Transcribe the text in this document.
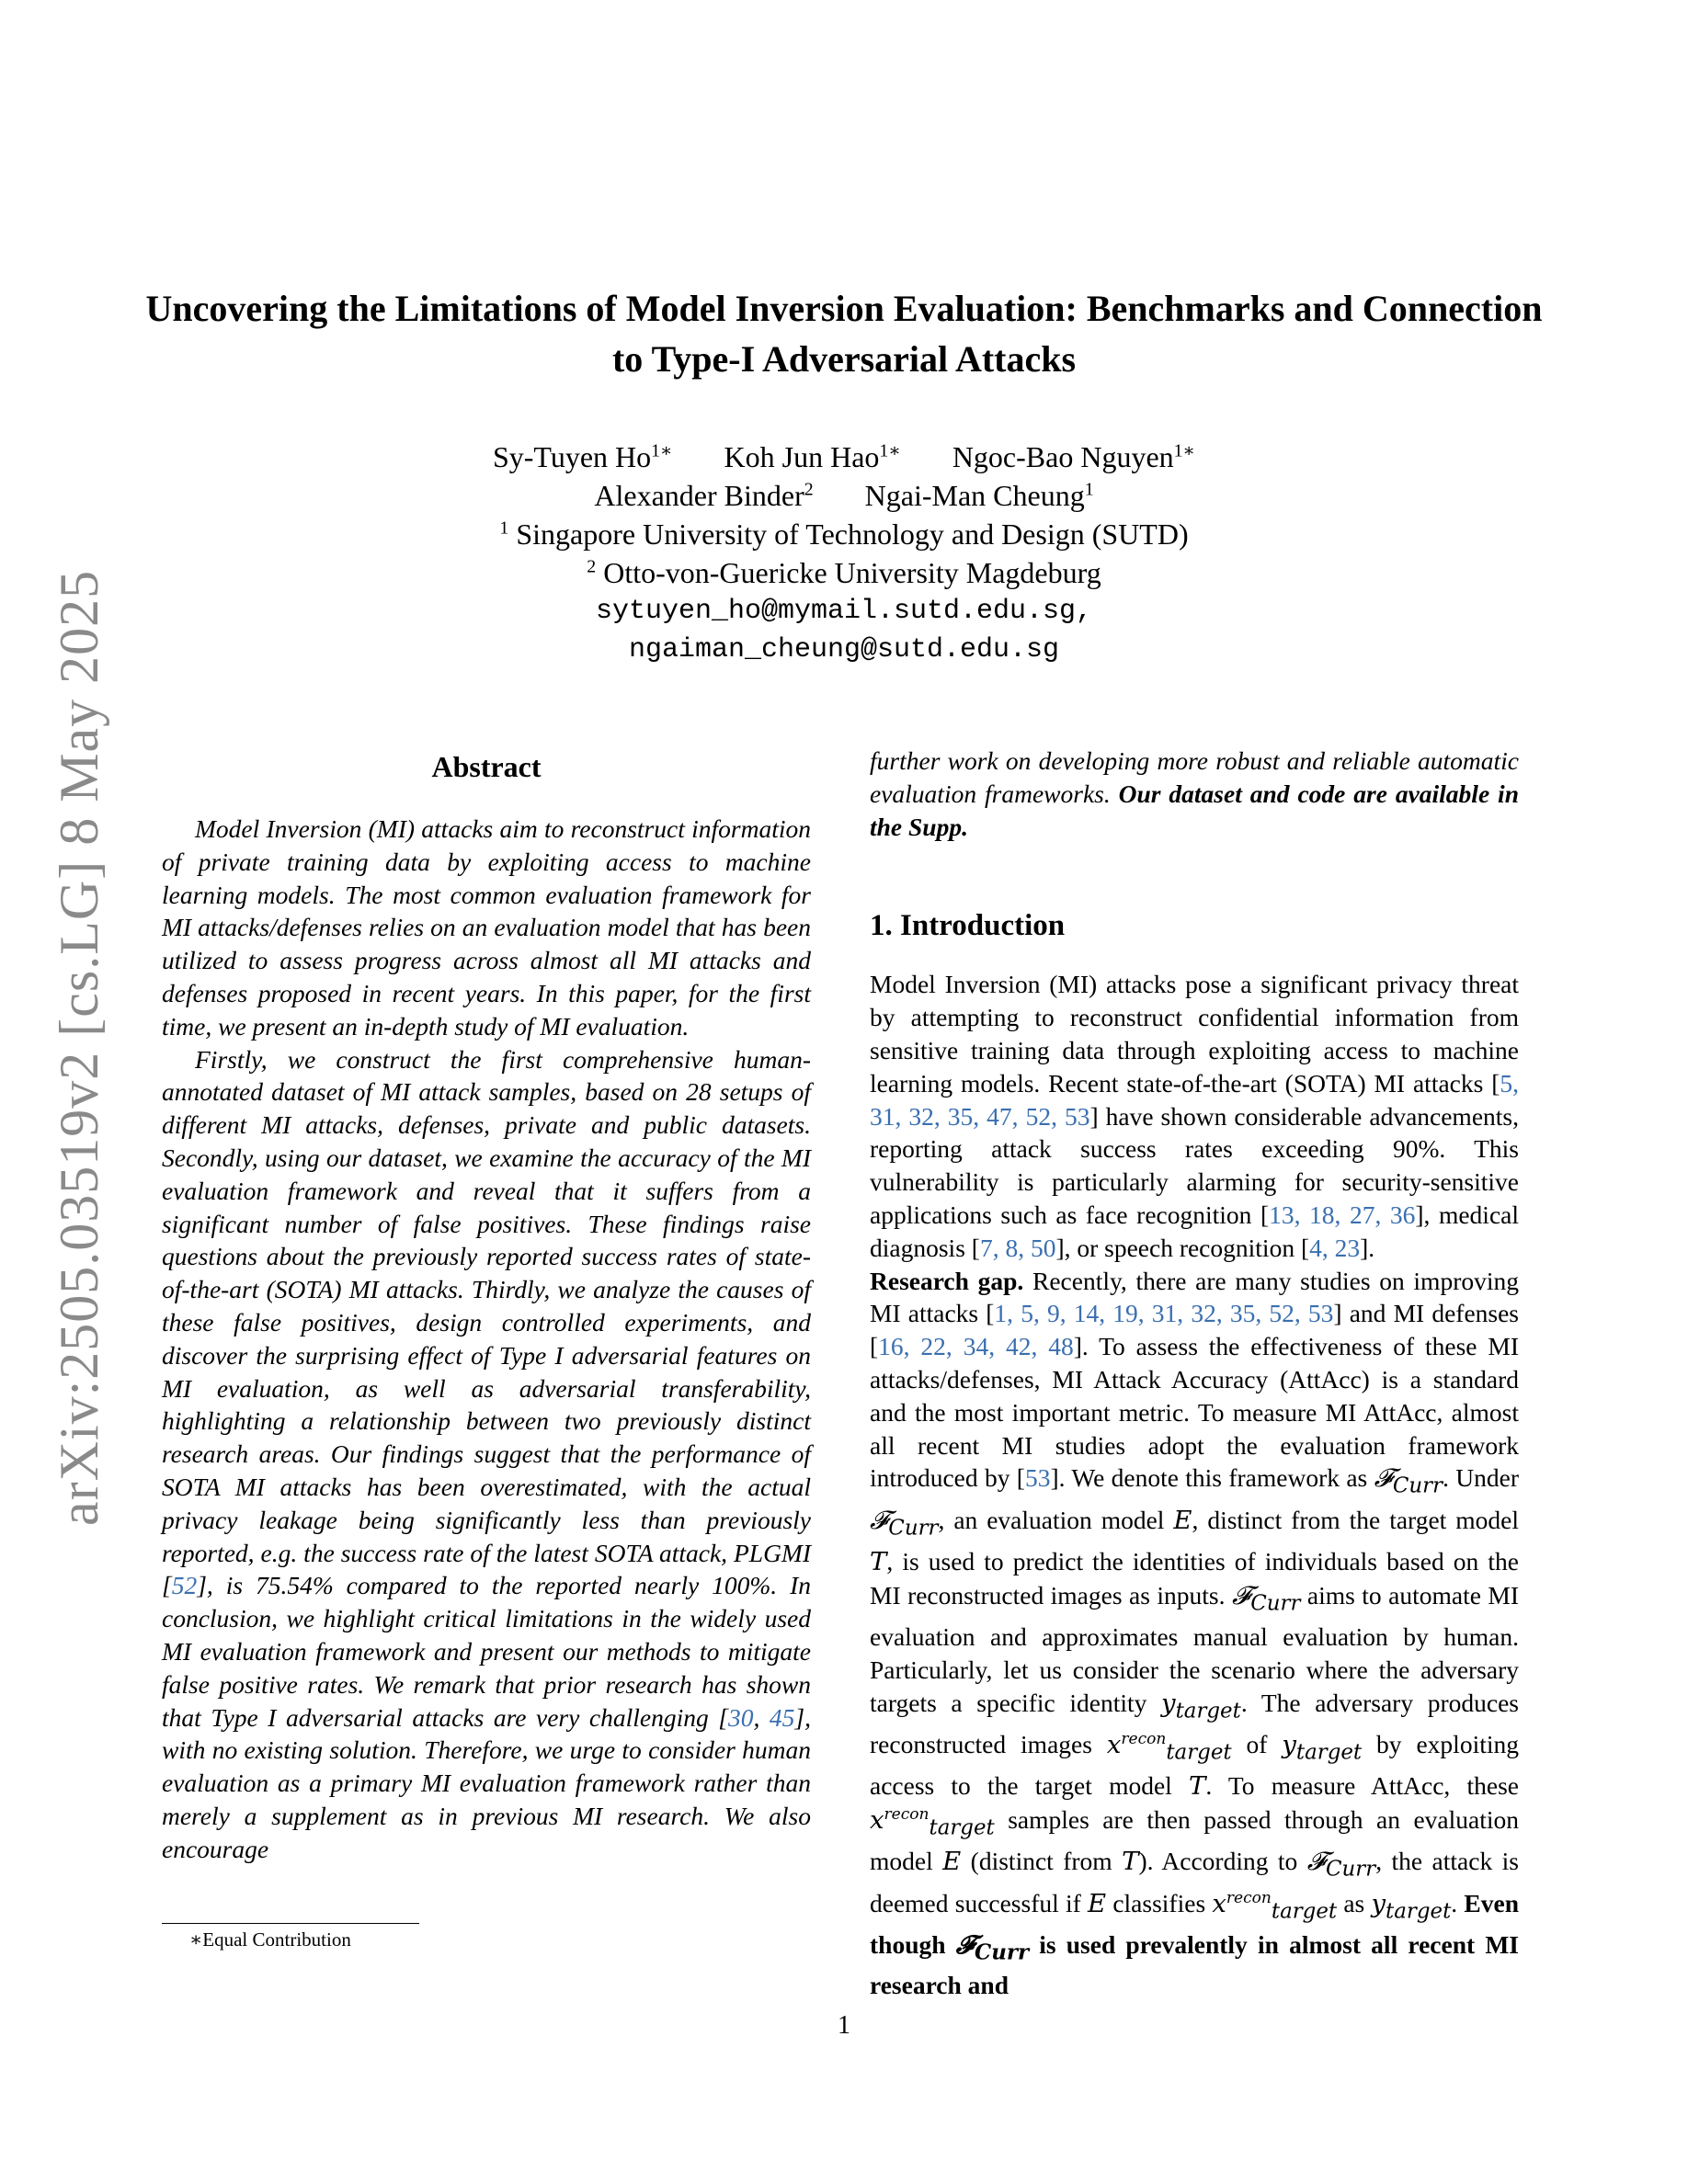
arXiv:2505.03519v2 [cs.LG] 8 May 2025
Uncovering the Limitations of Model Inversion Evaluation: Benchmarks and Connection to Type-I Adversarial Attacks
Sy-Tuyen $Ho^{1∗}$ Koh Jun Hao$^{1∗}$ Ngoc-Bao Nguyen$^{1∗}$
Alexander Binder$^2$ Ngai-Man Cheung$^1$
$^1$ Singapore University of Technology and Design (SUTD)
$^2$ Otto-von-Guericke University Magdeburg
sytuyen_ho@mymail.sutd.edu.sg,
ngaiman_cheung@sutd.edu.sg
Abstract

Model Inversion (MI) attacks aim to reconstruct information of private training data by exploiting access to machine learning models. The most common evaluation framework for MI attacks/defenses relies on an evaluation model that has been utilized to assess progress across almost all MI attacks and defenses proposed in recent years. In this paper, for the first time, we present an in-depth study of MI evaluation.

Firstly, we construct the first comprehensive human-annotated dataset of MI attack samples, based on 28 setups of different MI attacks, defenses, private and public datasets. Secondly, using our dataset, we examine the accuracy of the MI evaluation framework and reveal that it suffers from a significant number of false positives. These findings raise questions about the previously reported success rates of state-of-the-art (SOTA) MI attacks. Thirdly, we analyze the causes of these false positives, design controlled experiments, and discover the surprising effect of Type I adversarial features on MI evaluation, as well as adversarial transferability, highlighting a relationship between two previously distinct research areas. Our findings suggest that the performance of SOTA MI attacks has been overestimated, with the actual privacy leakage being significantly less than previously reported, e.g. the success rate of the latest SOTA attack, PLGMI [52], is 75.54% compared to the reported nearly 100%. In conclusion, we highlight critical limitations in the widely used MI evaluation framework and present our methods to mitigate false positive rates. We remark that prior research has shown that Type I adversarial attacks are very challenging [30, 45], with no existing solution. Therefore, we urge to consider human evaluation as a primary MI evaluation framework rather than merely a supplement as in previous MI research. We also encourage

further work on developing more robust and reliable automatic evaluation frameworks. Our dataset and code are available in the Supp.

1. Introduction

Model Inversion (MI) attacks pose a significant privacy threat by attempting to reconstruct confidential information from sensitive training data through exploiting access to machine learning models. Recent state-of-the-art (SOTA) MI attacks [5, 31, 32, 35, 47, 52, 53] have shown considerable advancements, reporting attack success rates exceeding 90%. This vulnerability is particularly alarming for security-sensitive applications such as face recognition [13, 18, 27, 36], medical diagnosis [7, 8, 50], or speech recognition [4, 23].

Research gap. Recently, there are many studies on improving MI attacks [1, 5, 9, 14, 19, 31, 32, 35, 52, 53] and MI defenses [16, 22, 34, 42, 48]. To assess the effectiveness of these MI attacks/defenses, MI Attack Accuracy (AttAcc) is a standard and the most important metric. To measure MI AttAcc, almost all recent MI studies adopt the evaluation framework introduced by [53]. We denote this framework as 𝓕$_{Curr}$. Under 𝓕$_{Curr}$, an evaluation model E, distinct from the target model T, is used to predict the identities of individuals based on the MI reconstructed images as inputs. 𝓕$_{Curr}$ aims to automate MI evaluation and approximates manual evaluation by human. Particularly, let us consider the scenario where the adversary targets a specific identity $y_{target}$. The adversary produces reconstructed images $x^{recon}_{target}$ of $y_{target}$ by exploiting access to the target model T. To measure AttAcc, these $x^{recon}_{target}$ samples are then passed through an evaluation model E (distinct from T). According to 𝓕$_{Curr}$, the attack is deemed successful if E classifies $x^{recon}_{target}$ as $y_{target}$. Even though 𝓕$_{Curr}$ is used prevalently in almost all recent MI research and

∗Equal Contribution
1
